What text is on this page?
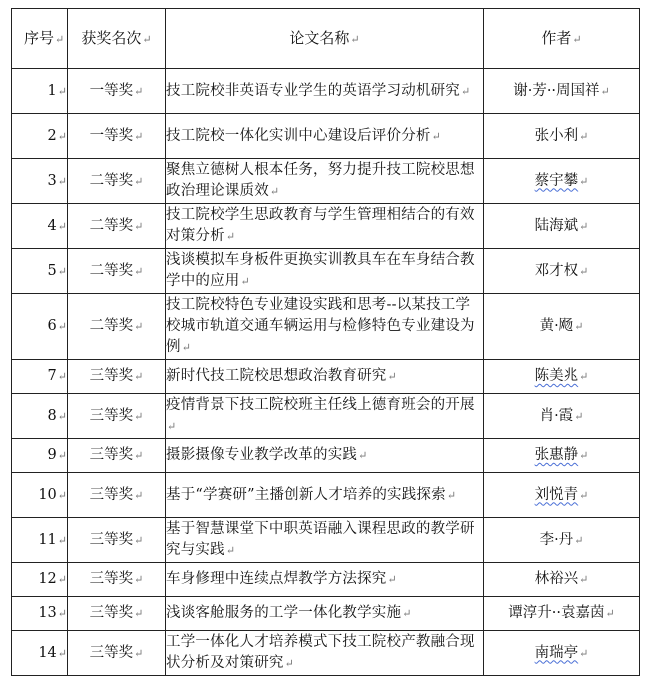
序号↵	获奖名次↵	论文名称↵	作者↵
1↵	一等奖↵	技工院校非英语专业学生的英语学习动机研究↵	谢·芳··周国祥↵
2↵	一等奖↵	技工院校一体化实训中心建设后评价分析↵	张小利↵
3↵	二等奖↵	聚焦立德树人根本任务，努力提升技工院校思想政治理论课质效↵	蔡宇攀↵
4↵	二等奖↵	技工院校学生思政教育与学生管理相结合的有效对策分析↵	陆海斌↵
5↵	二等奖↵	浅谈模拟车身板件更换实训教具车在车身结合教学中的应用↵	邓才权↵
6↵	二等奖↵	技工院校特色专业建设实践和思考--以某技工学校城市轨道交通车辆运用与检修特色专业建设为例↵	黄·飏↵
7↵	三等奖↵	新时代技工院校思想政治教育研究↵	陈美兆↵
8↵	三等奖↵	疫情背景下技工院校班主任线上德育班会的开展↵	肖·霞↵
9↵	三等奖↵	摄影摄像专业教学改革的实践↵	张惠静↵
10↵	三等奖↵	基于“学赛研”主播创新人才培养的实践探索↵	刘悦青↵
11↵	三等奖↵	基于智慧课堂下中职英语融入课程思政的教学研究与实践↵	李·丹↵
12↵	三等奖↵	车身修理中连续点焊教学方法探究↵	林裕兴↵
13↵	三等奖↵	浅谈客舱服务的工学一体化教学实施↵	谭淳升··袁嘉茵↵
14↵	三等奖↵	工学一体化人才培养模式下技工院校产教融合现状分析及对策研究↵	南瑞亭↵
